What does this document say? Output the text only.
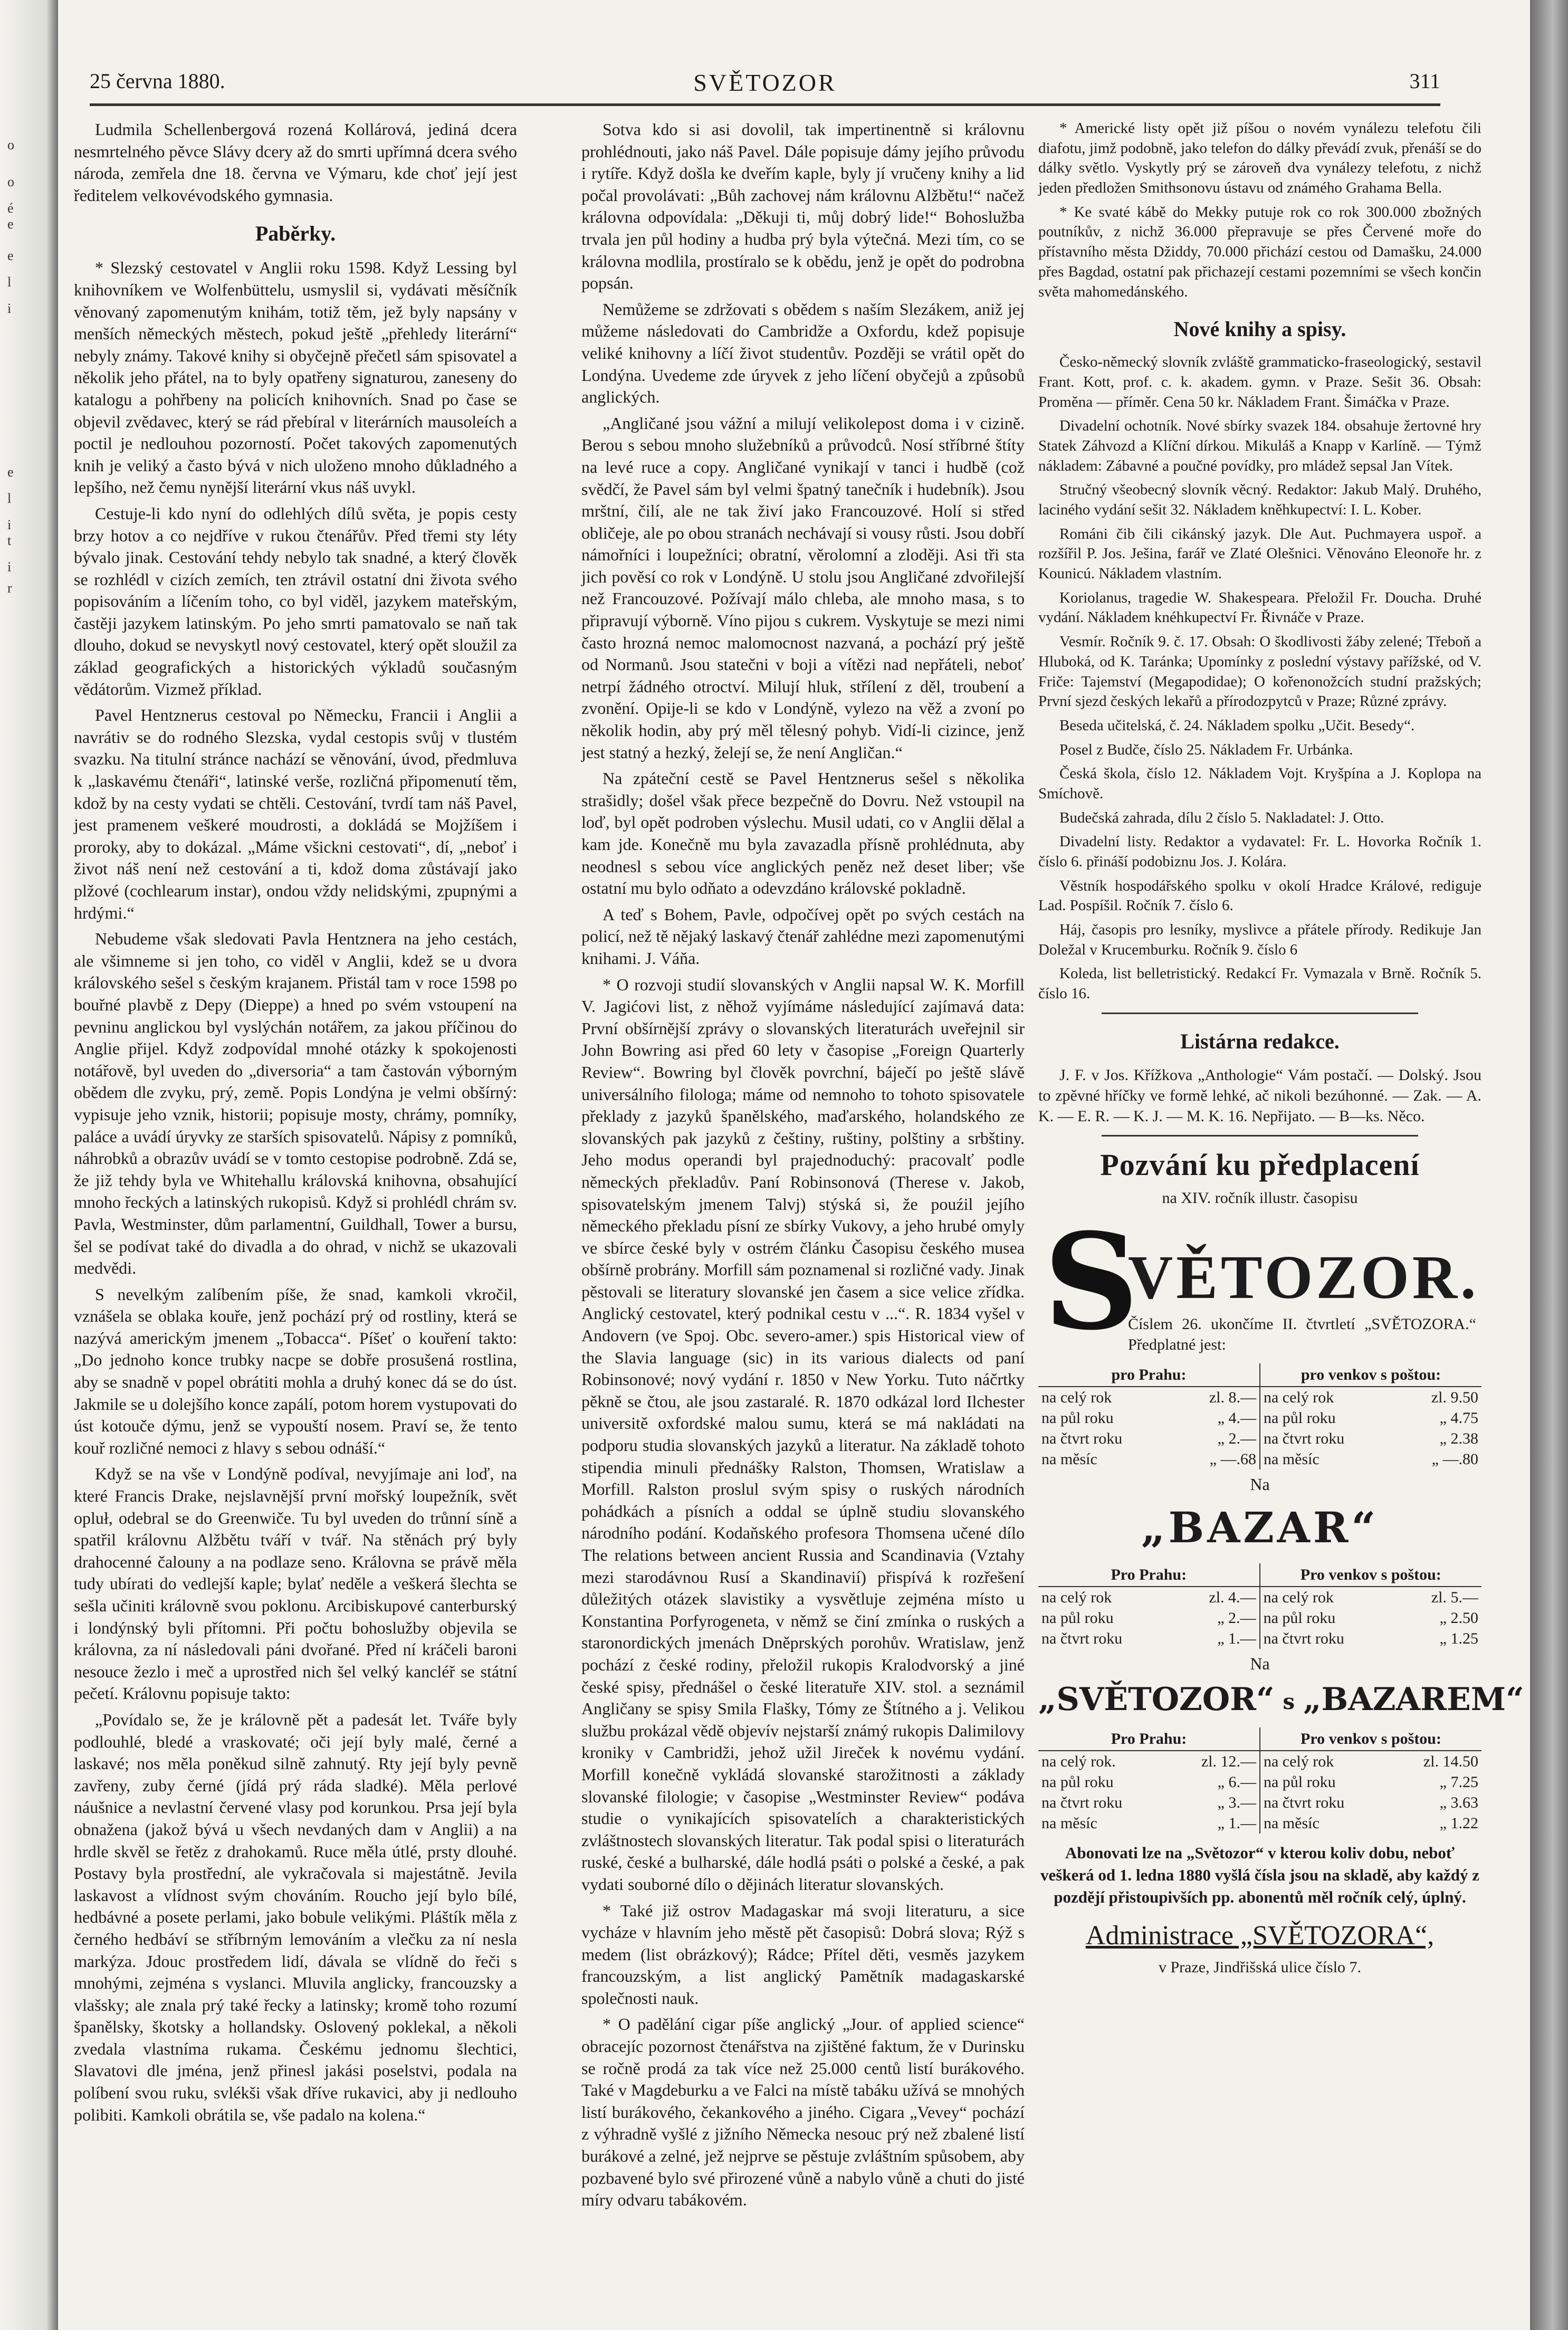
o
o
é
e
e
l
i
e
l
i
t
i
r
25 června 1880.	SVĚTOZOR	311

Ludmila Schellenbergová rozená Kollárová, jediná dcera nesmrtelného pěvce Slávy dcery až do smrti upřímná dcera svého národa, zemřela dne 18. června ve Výmaru, kde choť její jest ředitelem velkovévodského gymnasia.

Paběrky.

* Slezský cestovatel v Anglii roku 1598. Když Lessing byl knihovníkem ve Wolfenbüttelu, usmyslil si, vydávati měsíčník věnovaný zapomenutým knihám, totiž těm, jež byly napsány v menších německých městech, pokud ještě „přehledy literární“ nebyly známy. Takové knihy si obyčejně přečetl sám spisovatel a několik jeho přátel, na to byly opatřeny signaturou, zaneseny do katalogu a pohřbeny na policích knihovních. Snad po čase se objevil zvědavec, který se rád přebíral v literárních mausoleích a poctil je nedlouhou pozorností. Počet takových zapomenutých knih je veliký a často bývá v nich uloženo mnoho důkladného a lepšího, než čemu nynější literární vkus náš uvykl.

Cestuje-li kdo nyní do odlehlých dílů světa, je popis cesty brzy hotov a co nejdříve v rukou čtenářův. Před třemi sty léty bývalo jinak. Cestování tehdy nebylo tak snadné, a který člověk se rozhlédl v cizích zemích, ten ztrávil ostatní dni života svého popisováním a líčením toho, co byl viděl, jazykem mateřským, častěji jazykem latinským. Po jeho smrti pamatovalo se naň tak dlouho, dokud se nevyskytl nový cestovatel, který opět sloužil za základ geografických a historických výkladů současným vědátorům. Vizmež příklad.

Pavel Hentznerus cestoval po Německu, Francii i Anglii a navrátiv se do rodného Slezska, vydal cestopis svůj v tlustém svazku. Na titulní stránce nachází se věnování, úvod, předmluva k „laskavému čtenáři“, latinské verše, rozličná připomenutí těm, kdož by na cesty vydati se chtěli. Cestování, tvrdí tam náš Pavel, jest pramenem veškeré moudrosti, a dokládá se Mojžíšem i proroky, aby to dokázal. „Máme všickni cestovati“, dí, „neboť i život náš není než cestování a ti, kdož doma zůstávají jako plžové (cochlearum instar), ondou vždy nelidskými, zpupnými a hrdými.“

Nebudeme však sledovati Pavla Hentznera na jeho cestách, ale všimneme si jen toho, co viděl v Anglii, kdež se u dvora královského sešel s českým krajanem. Přistál tam v roce 1598 po bouřné plavbě z Depy (Dieppe) a hned po svém vstoupení na pevninu anglickou byl vyslýchán notářem, za jakou příčinou do Anglie přijel. Když zodpovídal mnohé otázky k spokojenosti notářově, byl uveden do „diversoria“ a tam častován výborným obědem dle zvyku, prý, země. Popis Londýna je velmi obšírný: vypisuje jeho vznik, historii; popisuje mosty, chrámy, pomníky, paláce a uvádí úryvky ze starších spisovatelů. Nápisy z pomníků, náhrobků a obrazův uvádí se v tomto cestopise podrobně. Zdá se, že již tehdy byla ve Whitehallu královská knihovna, obsahující mnoho řeckých a latinských rukopisů. Když si prohlédl chrám sv. Pavla, Westminster, dům parlamentní, Guildhall, Tower a bursu, šel se podívat také do divadla a do ohrad, v nichž se ukazovali medvědi.

S nevelkým zalíbením píše, že snad, kamkoli vkročil, vznášela se oblaka kouře, jenž pochází prý od rostliny, která se nazývá americkým jmenem „Tobacca“. Píšeť o kouření takto: „Do jednoho konce trubky nacpe se dobře prosušená rostlina, aby se snadně v popel obrátiti mohla a druhý konec dá se do úst. Jakmile se u dolejšího konce zapálí, potom horem vystupovati do úst kotouče dýmu, jenž se vypouští nosem. Praví se, že tento kouř rozličné nemoci z hlavy s sebou odnáší.“

Když se na vše v Londýně podíval, nevyjímaje ani loď, na které Francis Drake, nejslavnější první mořský loupežník, svět opluł, odebral se do Greenwiče. Tu byl uveden do trůnní síně a spatřil královnu Alžbětu tváří v tvář. Na stěnách prý byly drahocenné čalouny a na podlaze seno. Královna se právě měla tudy ubírati do vedlejší kaple; bylať neděle a veškerá šlechta se sešla učiniti královně svou poklonu. Arcibiskupové canterburský i londýnský byli přítomni. Při počtu bohoslužby objevila se královna, za ní následovali páni dvořané. Před ní kráčeli baroni nesouce žezlo i meč a uprostřed nich šel velký kancléř se státní pečetí. Královnu popisuje takto:

„Povídalo se, že je královně pět a padesát let. Tváře byly podlouhlé, bledé a vraskovaté; oči její byly malé, černé a laskavé; nos měla poněkud silně zahnutý. Rty její byly pevně zavřeny, zuby černé (jídá prý ráda sladké). Měla perlové náušnice a nevlastní červené vlasy pod korunkou. Prsa její byla obnažena (jakož bývá u všech nevdaných dam v Anglii) a na hrdle skvěl se řetěz z drahokamů. Ruce měla útlé, prsty dlouhé. Postavy byla prostřední, ale vykračovala si majestátně. Jevila laskavost a vlídnost svým chováním. Roucho její bylo bílé, hedbávné a posete perlami, jako bobule velikými. Pláštík měla z černého hedbáví se stříbrným lemováním a vlečku za ní nesla markýza. Jdouc prostředem lidí, dávala se vlídně do řeči s mnohými, zejména s vyslanci. Mluvila anglicky, francouzsky a vlašsky; ale znala prý také řecky a latinsky; kromě toho rozumí španělsky, škotsky a hollandsky. Oslovený poklekal, a několi zvedala vlastníma rukama. Českému jednomu šlechtici, Slavatovi dle jména, jenž přinesl jakási poselstvi, podala na políbení svou ruku, svlékši však dříve rukavici, aby ji nedlouho polibiti. Kamkoli obrátila se, vše padalo na kolena.“

Sotva kdo si asi dovolil, tak impertinentně si královnu prohlédnouti, jako náš Pavel. Dále popisuje dámy jejího průvodu i rytíře. Když došla ke dveřím kaple, byly jí vručeny knihy a lid počal provolávati: „Bůh zachovej nám královnu Alžbětu!“ načež královna odpovídala: „Děkuji ti, můj dobrý lide!“ Bohoslužba trvala jen půl hodiny a hudba prý byla výtečná. Mezi tím, co se královna modlila, prostíralo se k obědu, jenž je opět do podrobna popsán.

Nemůžeme se zdržovati s obědem s naším Slezákem, aniž jej můžeme následovati do Cambridže a Oxfordu, kdež popisuje veliké knihovny a líčí život studentův. Později se vrátil opět do Londýna. Uvedeme zde úryvek z jeho líčení obyčejů a způsobů anglických.

„Angličané jsou vážní a milují velikolepost doma i v cizině. Berou s sebou mnoho služebníků a průvodců. Nosí stříbrné štíty na levé ruce a copy. Angličané vynikají v tanci i hudbě (což svědčí, že Pavel sám byl velmi špatný tanečník i hudebník). Jsou mrštní, čilí, ale ne tak živí jako Francouzové. Holí si střed obličeje, ale po obou stranách nechávají si vousy růsti. Jsou dobří námořníci i loupežníci; obratní, věrolomní a zloději. Asi tři sta jich pověsí co rok v Londýně. U stolu jsou Angličané zdvořilejší než Francouzové. Požívají málo chleba, ale mnoho masa, s to připravují výborně. Víno pijou s cukrem. Vyskytuje se mezi nimi často hrozná nemoc malomocnost nazvaná, a pochází prý ještě od Normanů. Jsou statečni v boji a vítězi nad nepřáteli, neboť netrpí žádného otroctví. Milují hluk, střílení z děl, troubení a zvonění. Opije-li se kdo v Londýně, vylezo na věž a zvoní po několik hodin, aby prý měl tělesný pohyb. Vidí-li cizince, jenž jest statný a hezký, želejí se, že není Angličan.“

Na zpáteční cestě se Pavel Hentznerus sešel s několika strašidly; došel však přece bezpečně do Dovru. Než vstoupil na loď, byl opět podroben výslechu. Musil udati, co v Anglii dělal a kam jde. Konečně mu byla zavazadla přísně prohlédnuta, aby neodnesl s sebou více anglických peněz než deset liber; vše ostatní mu bylo odňato a odevzdáno královské pokladně.

A teď s Bohem, Pavle, odpočívej opět po svých cestách na policí, než tě nějaký laskavý čtenář zahlédne mezi zapomenutými knihami. J. Váňa.

* O rozvoji studií slovanských v Anglii napsal W. K. Morfill V. Jagićovi list, z něhož vyjímáme následující zajímavá data: První obšírnější zprávy o slovanských literaturách uveřejnil sir John Bowring asi před 60 lety v časopise „Foreign Quarterly Review“. Bowring byl člověk povrchní, báječí po ještě slávě universálního filologa; máme od nemnoho to tohoto spisovatele překlady z jazyků španělského, maďarského, holandského ze slovanských pak jazyků z češtiny, ruštiny, polštiny a srbštiny. Jeho modus operandi byl prajednoduchý: pracovalť podle německých překladův. Paní Robinsonová (Therese v. Jakob, spisovatelským jmenem Talvj) stýská si, že pouźil jejího německého překladu písní ze sbírky Vukovy, a jeho hrubé omyly ve sbírce české byly v ostrém článku Časopisu českého musea obšírně probrány. Morfill sám poznamenal si rozličné vady. Jinak pěstovali se literatury slovanské jen časem a sice velice zřídka. Anglický cestovatel, který podnikal cestu v ...“. R. 1834 vyšel v Andovern (ve Spoj. Obc. severo-amer.) spis Historical view of the Slavia language (sic) in its various dialects od paní Robinsonové; nový vydání r. 1850 v New Yorku. Tuto náčrtky pěkně se čtou, ale jsou zastaralé. R. 1870 odkázal lord Ilchester universitě oxfordské malou sumu, která se má nakládati na podporu studia slovanských jazyků a literatur. Na základě tohoto stipendia minuli přednášky Ralston, Thomsen, Wratislaw a Morfill. Ralston proslul svým spisy o ruských národních pohádkách a písních a oddal se úplně studiu slovanského národního podání. Kodaňského profesora Thomsena učené dílo The relations between ancient Russia and Scandinavia (Vztahy mezi starodávnou Rusí a Skandinavií) přispívá k rozřešení důležitých otázek slavistiky a vysvětluje zejména místo u Konstantina Porfyrogeneta, v němž se činí zmínka o ruských a staronordických jmenách Dněprských porohův. Wratislaw, jenž pochází z české rodiny, přeložil rukopis Kralodvorský a jiné české spisy, přednášel o české literatuře XIV. stol. a seznámil Angličany se spisy Smila Flašky, Tómy ze Štítného a j. Velikou službu prokázal vědě objevív nejstarší známý rukopis Dalimilovy kroniky v Cambridži, jehož užil Jireček k novému vydání. Morfill konečně vykládá slovanské starožitnosti a základy slovanské filologie; v časopise „Westminster Review“ podáva studie o vynikajících spisovatelích a charakteristických zvláštnostech slovanských literatur. Tak podal spisi o literaturách ruské, české a bulharské, dále hodlá psáti o polské a české, a pak vydati souborné dílo o dějinách literatur slovanských.

* Také již ostrov Madagaskar má svoji literaturu, a sice vycháze v hlavním jeho městě pět časopisů: Dobrá slova; Rýž s medem (list obrázkový); Rádce; Přítel děti, vesměs jazykem francouzským, a list anglický Pamětník madagaskarské společnosti nauk.

* O padělání cigar píše anglický „Jour. of applied science“ obracejíc pozornost čtenářstva na zjištěné faktum, že v Durinsku se ročně prodá za tak více než 25.000 centů listí burákového. Také v Magdeburku a ve Falci na místě tabáku užívá se mnohých listí burákového, čekankového a jiného. Cigara „Vevey“ pochází z výhradně vyšlé z jižního Německa nesouc prý než zbalené listí burákové a zelné, jež nejprve se pěstuje zvláštním spůsobem, aby pozbavené bylo své přirozené vůně a nabylo vůně a chuti do jisté míry odvaru tabákovém.

* Americké listy opět již píšou o novém vynálezu telefotu čili diafotu, jimž podobně, jako telefon do dálky převádí zvuk, přenáší se do dálky světlo. Vyskytly prý se zároveň dva vynálezy telefotu, z nichž jeden předložen Smithsonovu ústavu od známého Grahama Bella.

* Ke svaté kábě do Mekky putuje rok co rok 300.000 zbožných poutníkův, z nichž 36.000 přepravuje se přes Červené moře do přístavního města Džiddy, 70.000 přichází cestou od Damašku, 24.000 přes Bagdad, ostatní pak přichazejí cestami pozemními se všech končin světa mahomedánského.

Nové knihy a spisy.

Česko-německý slovník zvláště grammaticko-fraseologický, sestavil Frant. Kott, prof. c. k. akadem. gymn. v Praze. Sešit 36. Obsah: Proměna — příměr. Cena 50 kr. Nákladem Frant. Šimáčka v Praze.

Divadelní ochotník. Nové sbírky svazek 184. obsahuje žertovné hry Statek Záhvozd a Klíční dírkou. Mikuláš a Knapp v Karlíně. — Týmž nákladem: Zábavné a poučné povídky, pro mládež sepsal Jan Vítek.

Stručný všeobecný slovník věcný. Redaktor: Jakub Malý. Druhého, laciného vydání sešit 32. Nákladem kněhkupectví: I. L. Kober.

Románi čib čili cikánský jazyk. Dle Aut. Puchmayera uspoř. a rozšířil P. Jos. Ješina, farář ve Zlaté Olešnici. Věnováno Eleonoře hr. z Kounicú. Nákladem vlastním.

Koriolanus, tragedie W. Shakespeara. Přeložil Fr. Doucha. Druhé vydání. Nákladem knéhkupectví Fr. Řivnáče v Praze.

Vesmír. Ročník 9. č. 17. Obsah: O škodlivosti žáby zelené; Třeboň a Hluboká, od K. Taránka; Upomínky z poslední výstavy pařížské, od V. Friče: Tajemství (Megapodidae); O kořenonožcích studní pražských; První sjezd českých lekařů a přírodozpytců v Praze; Různé zprávy.

Beseda učitelská, č. 24. Nákladem spolku „Učit. Besedy“.

Posel z Budče, číslo 25. Nákladem Fr. Urbánka.

Česká škola, číslo 12. Nákladem Vojt. Kryšpína a J. Koplopa na Smíchově.

Budečská zahrada, dílu 2 číslo 5. Nakladatel: J. Otto.

Divadelní listy. Redaktor a vydavatel: Fr. L. Hovorka Ročník 1. číslo 6. přináší podobiznu Jos. J. Kolára.

Věstník hospodářského spolku v okolí Hradce Králové, rediguje Lad. Pospíšil. Ročník 7. číslo 6.

Háj, časopis pro lesníky, myslivce a přátele přírody. Redikuje Jan Doležal v Krucemburku. Ročník 9. číslo 6

Koleda, list belletristický. Redakcí Fr. Vymazala v Brně. Ročník 5. číslo 16.

Listárna redakce.

J. F. v Jos. Křížkova „Anthologie“ Vám postačí. — Dolský. Jsou to zpěvné hříčky ve formě lehké, ač nikoli bezúhonné. — Zak. — A. K. — E. R. — K. J. — M. K. 16. Nepřijato. — B—ks. Něco.

Pozvání ku předplacení
na XIV. ročník illustr. časopisu
S
VĚTOZOR.
Číslem 26. ukončíme II. čtvrtletí „SVĚTOZORA.“ Předplatné jest:
pro Prahu:		pro venkov s poštou:	
na celý rok	zl. 8.—	na celý rok	zl. 9.50
na půl roku	„ 4.—	na půl roku	„ 4.75
na čtvrt roku	„ 2.—	na čtvrt roku	„ 2.38
na měsíc	„ —.68	na měsíc	„ —.80
Na
„BAZAR“
Pro Prahu:		Pro venkov s poštou:	
na celý rok	zl. 4.—	na celý rok	zl. 5.—
na půl roku	„ 2.—	na půl roku	„ 2.50
na čtvrt roku	„ 1.—	na čtvrt roku	„ 1.25
Na
„SVĚTOZOR“ s „BAZAREM“
Pro Prahu:		Pro venkov s poštou:	
na celý rok.	zl. 12.—	na celý rok	zl. 14.50
na půl roku	„ 6.—	na půl roku	„ 7.25
na čtvrt roku	„ 3.—	na čtvrt roku	„ 3.63
na měsíc	„ 1.—	na měsíc	„ 1.22
Abonovati lze na „Světozor“ v kterou koliv dobu, neboť veškerá od 1. ledna 1880 vyšlá čísla jsou na skladě, aby každý z pozdějí přistoupivších pp. abonentů měl ročník celý, úplný.
Administrace „SVĚTOZORA“,
v Praze, Jindřišská ulice číslo 7.
